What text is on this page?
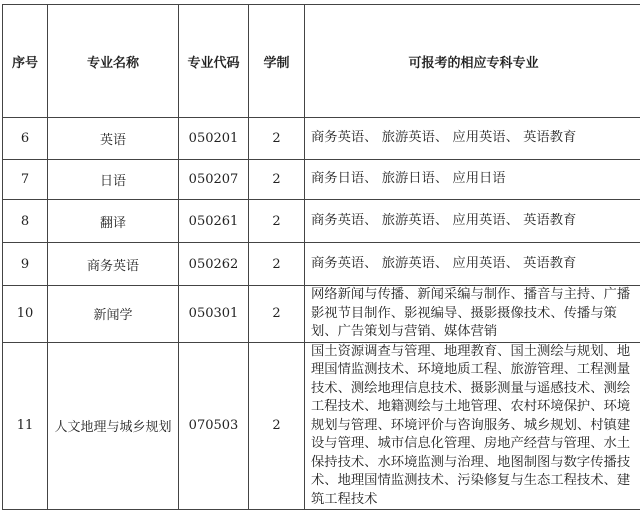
序号	专业名称	专业代码	学制	可报考的相应专科专业
6	英语	050201	2	商务英语、 旅游英语、 应用英语、 英语教育
7	日语	050207	2	商务日语、 旅游日语、 应用日语
8	翻译	050261	2	商务英语、 旅游英语、 应用英语、 英语教育
9	商务英语	050262	2	商务英语、 旅游英语、 应用英语、 英语教育
10	新闻学	050301	2	网络新闻与传播、新闻采编与制作、播音与主持、广播影视节目制作、影视编导、摄影摄像技术、传播与策划、广告策划与营销、媒体营销
11	人文地理与城乡规划	070503	2	国土资源调查与管理、地理教育、国土测绘与规划、地理国情监测技术、环境地质工程、旅游管理、工程测量技术、测绘地理信息技术、摄影测量与遥感技术、测绘工程技术、地籍测绘与土地管理、农村环境保护、环境规划与管理、环境评价与咨询服务、城乡规划、村镇建设与管理、城市信息化管理、房地产经营与管理、水土保持技术、水环境监测与治理、地图制图与数字传播技术、地理国情监测技术、污染修复与生态工程技术、建筑工程技术
